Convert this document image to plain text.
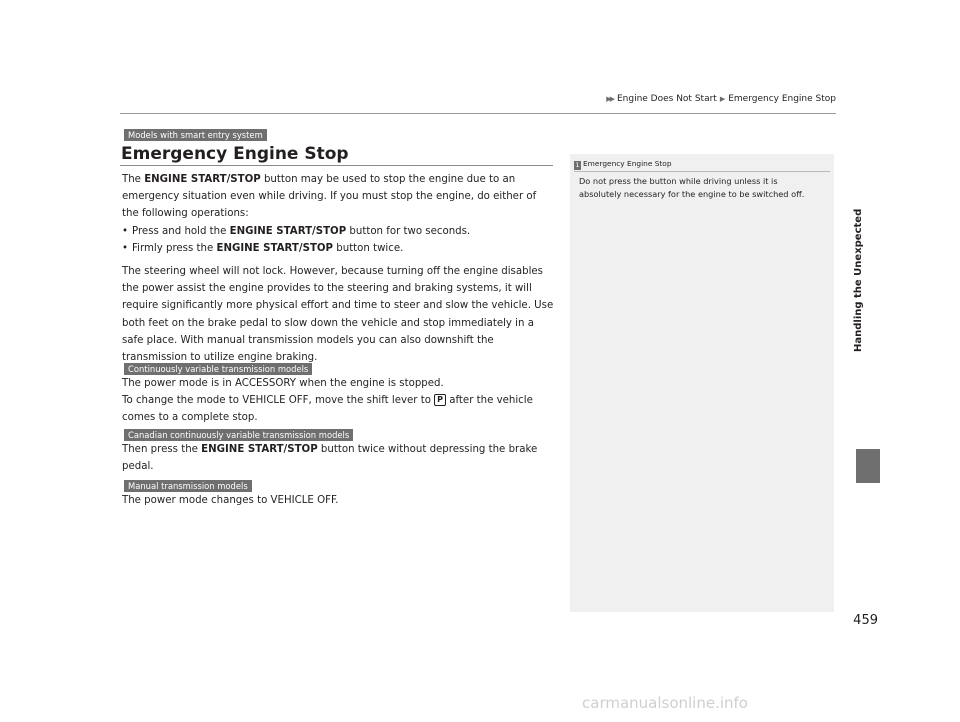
▶▶ Engine Does Not Start ▶ Emergency Engine Stop
Models with smart entry system
Emergency Engine Stop
The ENGINE START/STOP button may be used to stop the engine due to an emergency situation even while driving. If you must stop the engine, do either of the following operations:
• Press and hold the ENGINE START/STOP button for two seconds.
• Firmly press the ENGINE START/STOP button twice.
The steering wheel will not lock. However, because turning off the engine disables the power assist the engine provides to the steering and braking systems, it will require significantly more physical effort and time to steer and slow the vehicle. Use both feet on the brake pedal to slow down the vehicle and stop immediately in a safe place. With manual transmission models you can also downshift the transmission to utilize engine braking.
Continuously variable transmission models
The power mode is in ACCESSORY when the engine is stopped.
To change the mode to VEHICLE OFF, move the shift lever to P after the vehicle comes to a complete stop.
Canadian continuously variable transmission models
Then press the ENGINE START/STOP button twice without depressing the brake pedal.
Manual transmission models
The power mode changes to VEHICLE OFF.
1 Emergency Engine Stop
Do not press the button while driving unless it is absolutely necessary for the engine to be switched off.
Handling the Unexpected
459
carmanualsonline.info
